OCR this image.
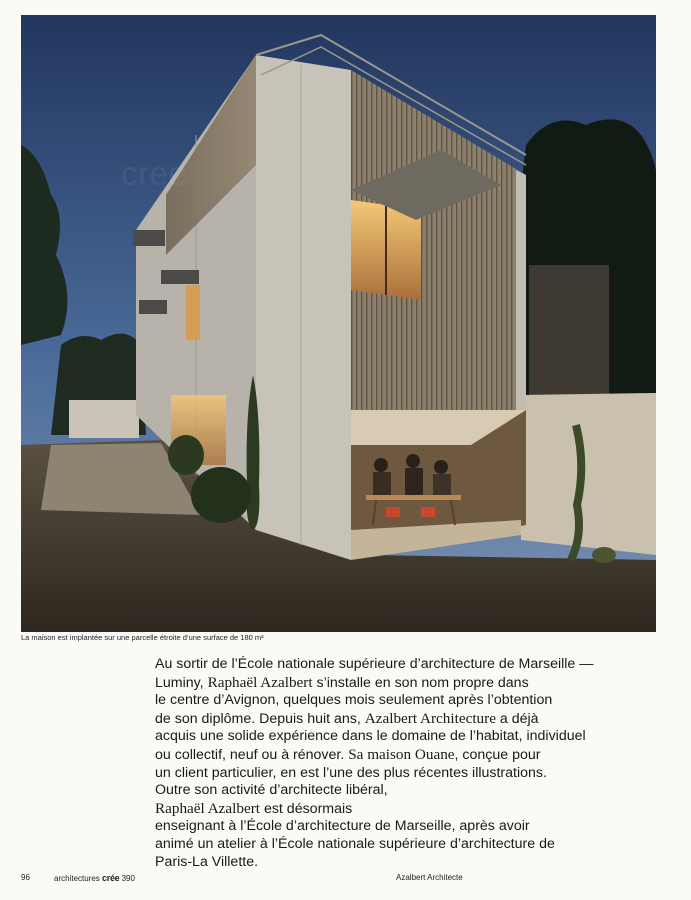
cree
La maison est implantée sur une parcelle étroite d’une surface de 180 m²

Au sortir de l’École nationale supérieure d’architecture de Marseille —
Luminy, Raphaël Azalbert s’installe en son nom propre dans
le centre d’Avignon, quelques mois seulement après l’obtention
de son diplôme. Depuis huit ans, Azalbert Architecture a déjà
acquis une solide expérience dans le domaine de l’habitat, individuel
ou collectif, neuf ou à rénover. Sa maison Ouane, conçue pour
un client particulier, en est l’une des plus récentes illustrations.
Outre son activité d’architecte libéral,
Raphaël Azalbert est désormais
enseignant à l’École d’architecture de Marseille, après avoir
animé un atelier à l’École nationale supérieure d’architecture de
Paris-La Villette.

96	architectures crée 390	Azalbert Architecte
